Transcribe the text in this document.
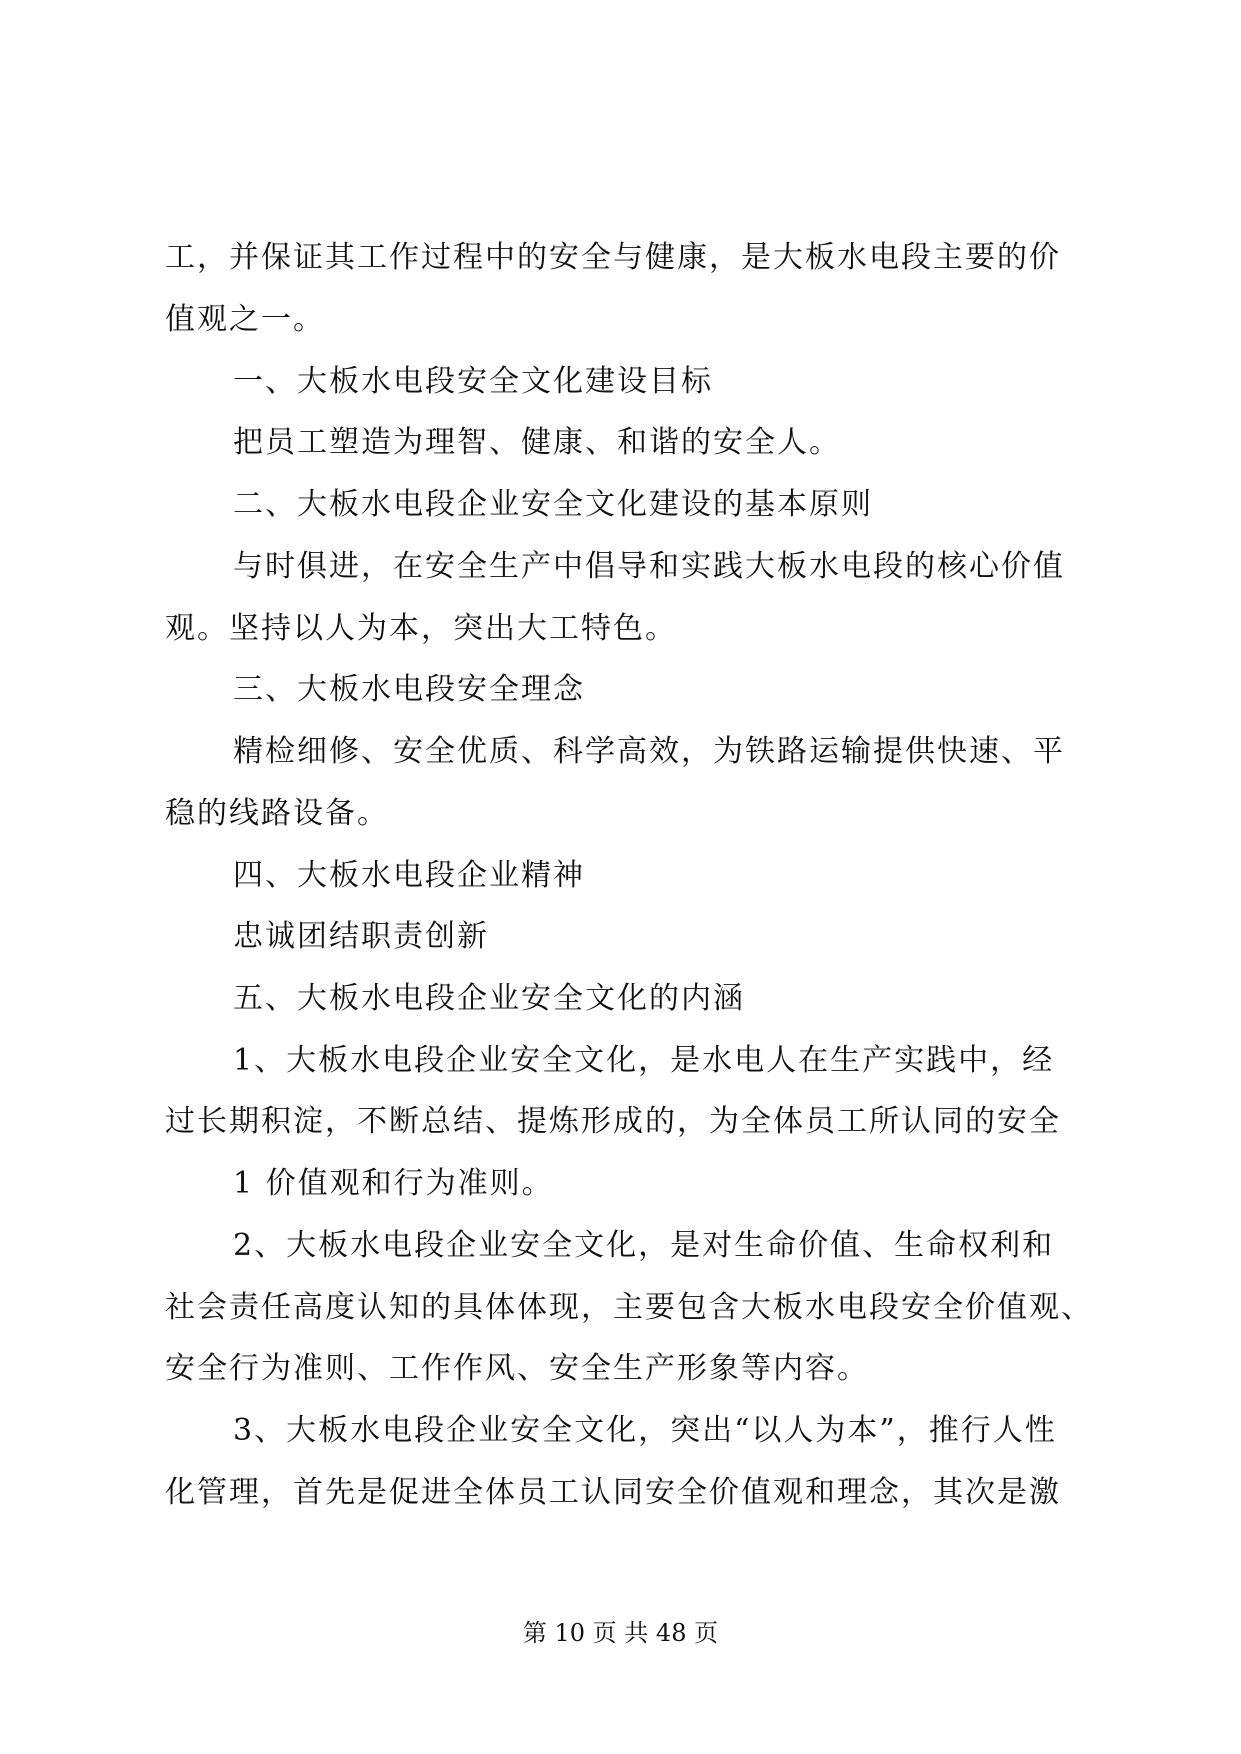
工，并保证其工作过程中的安全与健康，是大板水电段主要的价
值观之一。
一、大板水电段安全文化建设目标
把员工塑造为理智、健康、和谐的安全人。
二、大板水电段企业安全文化建设的基本原则
与时俱进，在安全生产中倡导和实践大板水电段的核心价值
观。坚持以人为本，突出大工特色。
三、大板水电段安全理念
精检细修、安全优质、科学高效，为铁路运输提供快速、平
稳的线路设备。
四、大板水电段企业精神
忠诚团结职责创新
五、大板水电段企业安全文化的内涵
1、大板水电段企业安全文化，是水电人在生产实践中，经
过长期积淀，不断总结、提炼形成的，为全体员工所认同的安全
1 价值观和行为准则。
2、大板水电段企业安全文化，是对生命价值、生命权利和
社会责任高度认知的具体体现，主要包含大板水电段安全价值观、
安全行为准则、工作作风、安全生产形象等内容。
3、大板水电段企业安全文化，突出“以人为本”，推行人性
化管理，首先是促进全体员工认同安全价值观和理念，其次是激
第 10 页 共 48 页
